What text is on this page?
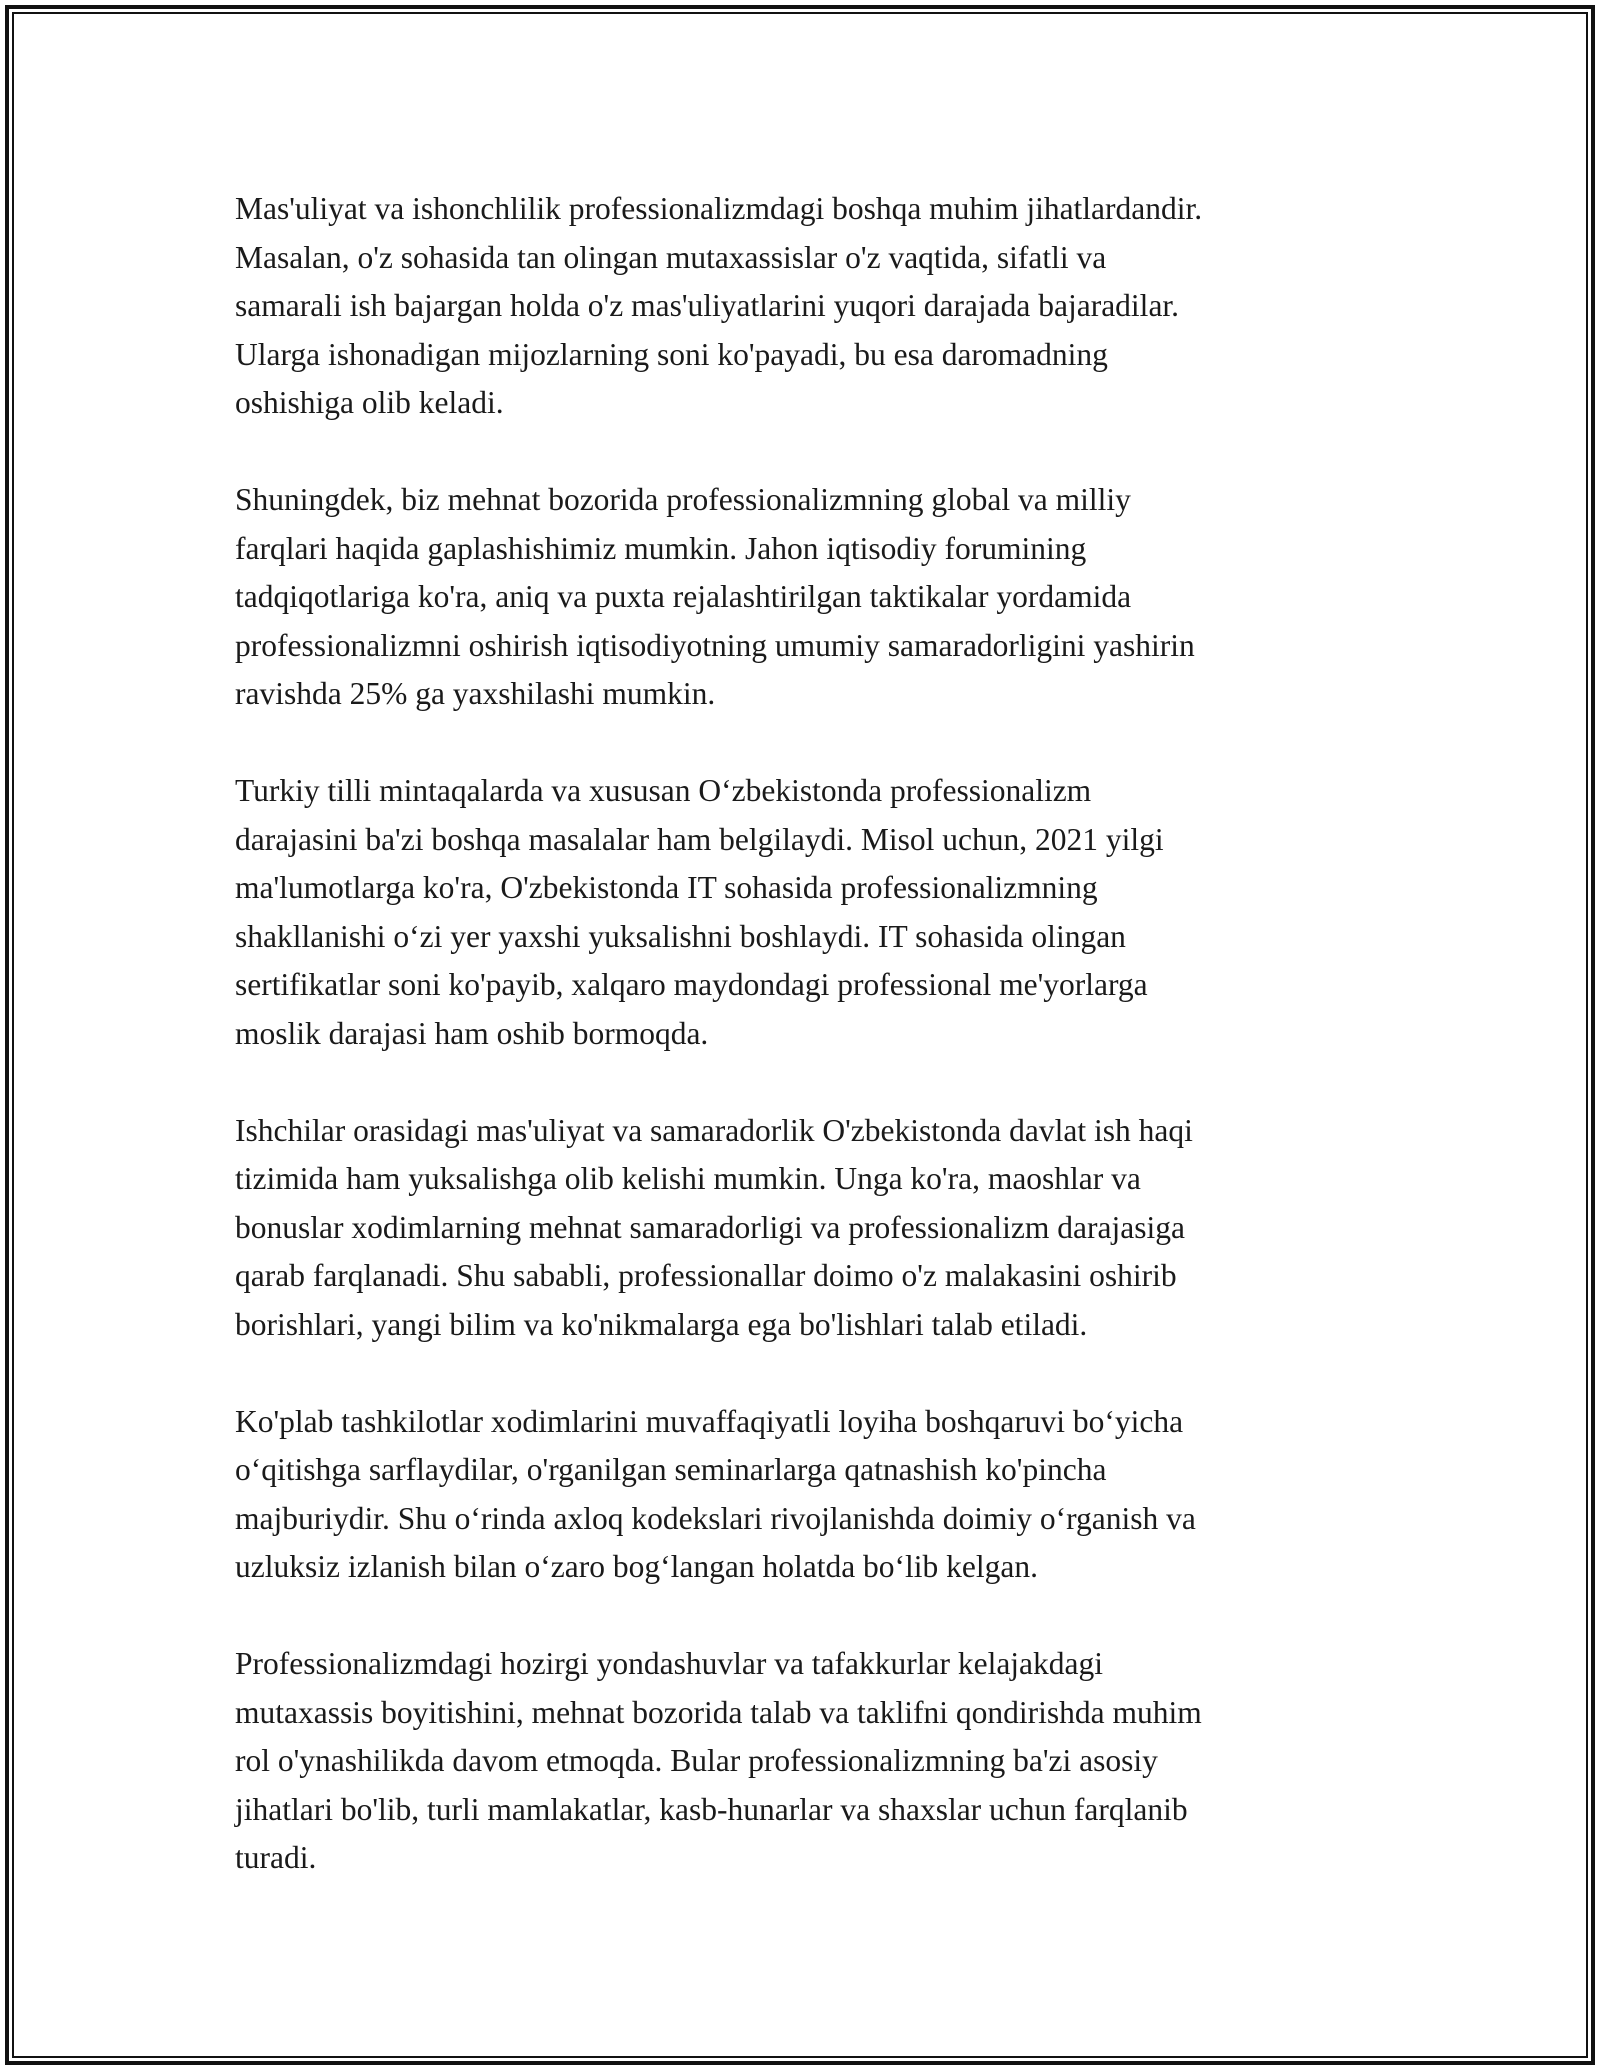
Mas'uliyat va ishonchlilik professionalizmdagi boshqa muhim jihatlardandir.
Masalan, o'z sohasida tan olingan mutaxassislar o'z vaqtida, sifatli va
samarali ish bajargan holda o'z mas'uliyatlarini yuqori darajada bajaradilar.
Ularga ishonadigan mijozlarning soni ko'payadi, bu esa daromadning
oshishiga olib keladi.

Shuningdek, biz mehnat bozorida professionalizmning global va milliy
farqlari haqida gaplashishimiz mumkin. Jahon iqtisodiy forumining
tadqiqotlariga ko'ra, aniq va puxta rejalashtirilgan taktikalar yordamida
professionalizmni oshirish iqtisodiyotning umumiy samaradorligini yashirin
ravishda 25% ga yaxshilashi mumkin.

Turkiy tilli mintaqalarda va xususan O‘zbekistonda professionalizm
darajasini ba'zi boshqa masalalar ham belgilaydi. Misol uchun, 2021 yilgi
ma'lumotlarga ko'ra, O'zbekistonda IT sohasida professionalizmning
shakllanishi o‘zi yer yaxshi yuksalishni boshlaydi. IT sohasida olingan
sertifikatlar soni ko'payib, xalqaro maydondagi professional me'yorlarga
moslik darajasi ham oshib bormoqda.

Ishchilar orasidagi mas'uliyat va samaradorlik O'zbekistonda davlat ish haqi
tizimida ham yuksalishga olib kelishi mumkin. Unga ko'ra, maoshlar va
bonuslar xodimlarning mehnat samaradorligi va professionalizm darajasiga
qarab farqlanadi. Shu sababli, professionallar doimo o'z malakasini oshirib
borishlari, yangi bilim va ko'nikmalarga ega bo'lishlari talab etiladi.

Ko'plab tashkilotlar xodimlarini muvaffaqiyatli loyiha boshqaruvi bo‘yicha
o‘qitishga sarflaydilar, o'rganilgan seminarlarga qatnashish ko'pincha
majburiydir. Shu o‘rinda axloq kodekslari rivojlanishda doimiy o‘rganish va
uzluksiz izlanish bilan o‘zaro bog‘langan holatda bo‘lib kelgan.

Professionalizmdagi hozirgi yondashuvlar va tafakkurlar kelajakdagi
mutaxassis boyitishini, mehnat bozorida talab va taklifni qondirishda muhim
rol o'ynashilikda davom etmoqda. Bular professionalizmning ba'zi asosiy
jihatlari bo'lib, turli mamlakatlar, kasb-hunarlar va shaxslar uchun farqlanib
turadi.
